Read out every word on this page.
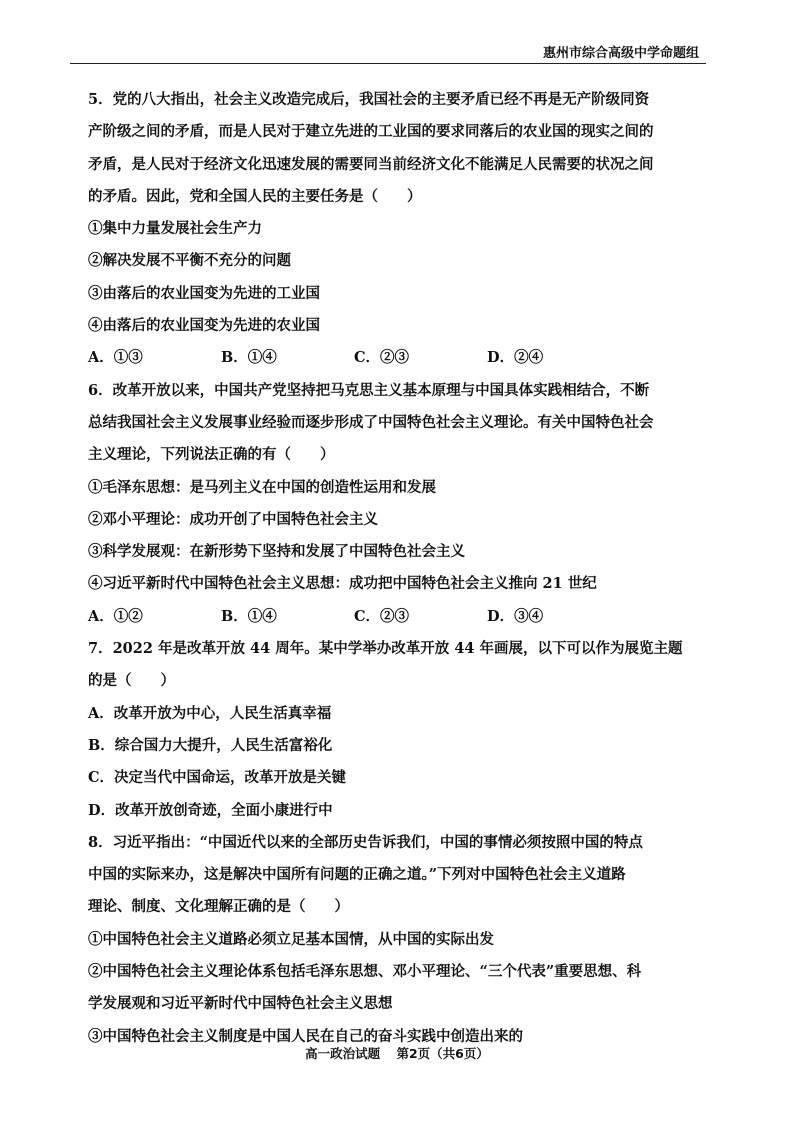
惠州市综合高级中学命题组
5．党的八大指出，社会主义改造完成后，我国社会的主要矛盾已经不再是无产阶级同资
产阶级之间的矛盾，而是人民对于建立先进的工业国的要求同落后的农业国的现实之间的
矛盾，是人民对于经济文化迅速发展的需要同当前经济文化不能满足人民需要的状况之间
的矛盾。因此，党和全国人民的主要任务是（　　）
①集中力量发展社会生产力
②解决发展不平衡不充分的问题
③由落后的农业国变为先进的工业国
④由落后的农业国变为先进的农业国
A．①③	B．①④	C．②③	D．②④
6．改革开放以来，中国共产党坚持把马克思主义基本原理与中国具体实践相结合，不断
总结我国社会主义发展事业经验而逐步形成了中国特色社会主义理论。有关中国特色社会
主义理论，下列说法正确的有（　　）
①毛泽东思想：是马列主义在中国的创造性运用和发展
②邓小平理论：成功开创了中国特色社会主义
③科学发展观：在新形势下坚持和发展了中国特色社会主义
④习近平新时代中国特色社会主义思想：成功把中国特色社会主义推向 21 世纪
A．①②	B．①④	C．②③	D．③④
7．2022 年是改革开放 44 周年。某中学举办改革开放 44 年画展，以下可以作为展览主题
的是（　　）
A．改革开放为中心，人民生活真幸福
B．综合国力大提升，人民生活富裕化
C．决定当代中国命运，改革开放是关键
D．改革开放创奇迹，全面小康进行中
8．习近平指出：“中国近代以来的全部历史告诉我们，中国的事情必须按照中国的特点
中国的实际来办，这是解决中国所有问题的正确之道。”下列对中国特色社会主义道路
理论、制度、文化理解正确的是（　　）
①中国特色社会主义道路必须立足基本国情，从中国的实际出发
②中国特色社会主义理论体系包括毛泽东思想、邓小平理论、“三个代表”重要思想、科
学发展观和习近平新时代中国特色社会主义思想
③中国特色社会主义制度是中国人民在自己的奋斗实践中创造出来的
高一政治试题 第2页（共6页）
